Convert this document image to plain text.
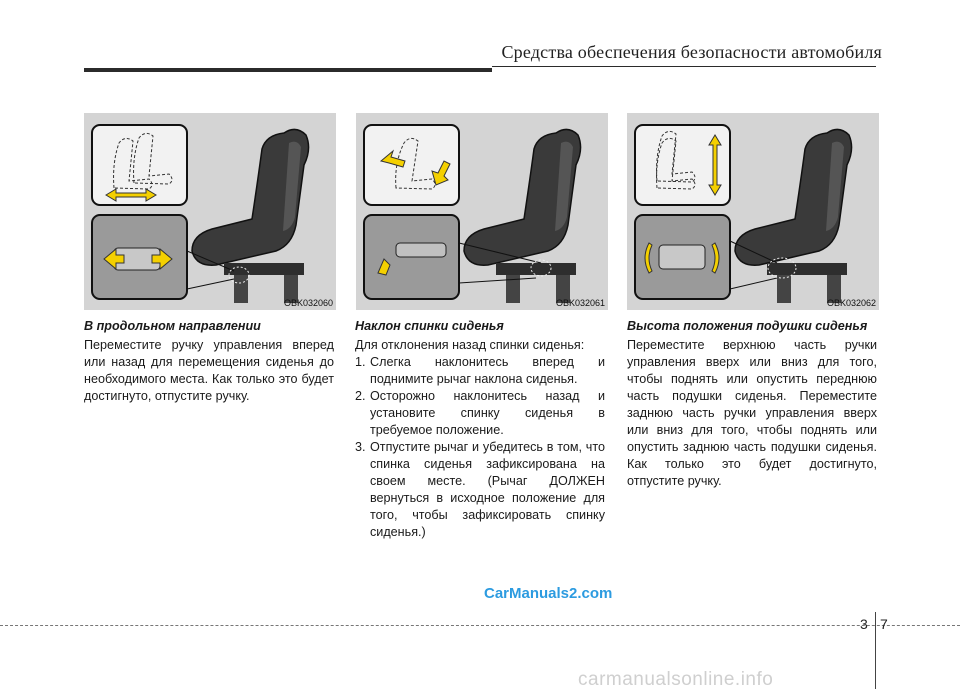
Средства обеспечения безопасности автомобиля
OBK032060	OBK032061	OBK032062
В продольном направлении

Переместите ручку управления вперед или назад для перемещения сиденья до необходимого места. Как только это будет достигнуто, отпустите ручку.

Наклон спинки сиденья

Для отклонения назад спинки сиденья:

1. Слегка наклонитесь вперед и поднимите рычаг наклона сиденья.
2. Осторожно наклонитесь назад и установите спинку сиденья в требуемое положение.
3. Отпустите рычаг и убедитесь в том, что спинка сиденья зафиксирована на своем месте. (Рычаг ДОЛЖЕН вернуться в исходное положение для того, чтобы зафиксировать спинку сиденья.)
Высота положения подушки сиденья

Переместите верхнюю часть ручки управления вверх или вниз для того, чтобы поднять или опустить переднюю часть подушки сиденья. Переместите заднюю часть ручки управления вверх или вниз для того, чтобы поднять или опустить заднюю часть подушки сиденья. Как только это будет достигнуто, отпустите ручку.

CarManuals2.com
3 7
carmanualsonline.info
